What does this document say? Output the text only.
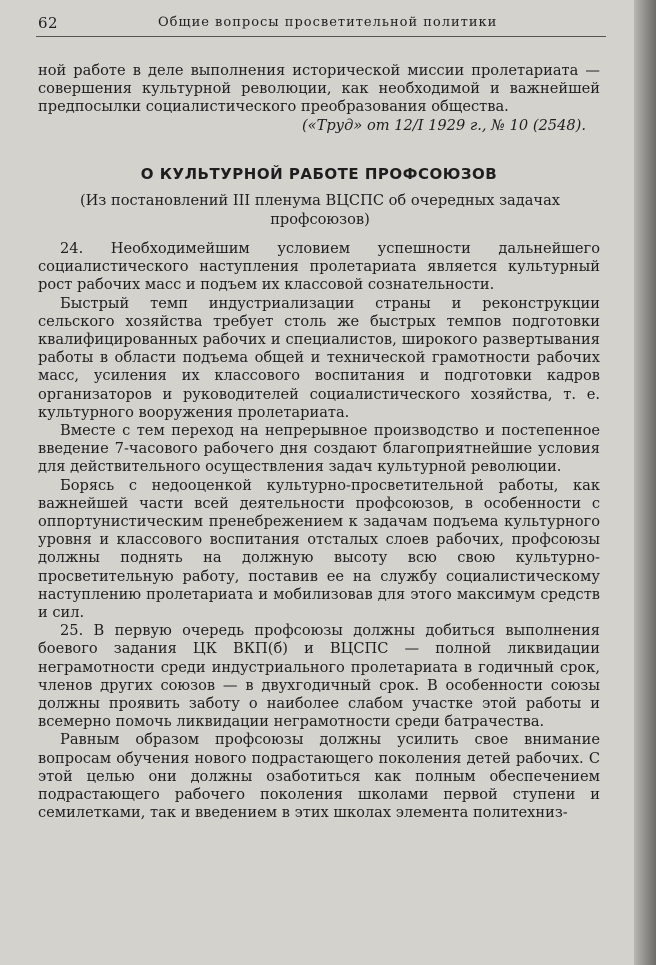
62	Общие вопросы просветительной политики

ной работе в деле выполнения исторической миссии пролетариата — совершения культурной революции, как необходимой и важнейшей предпосылки социалистического преобразования общества.

(«Труд» от 12/I 1929 г., № 10 (2548).
О КУЛЬТУРНОЙ РАБОТЕ ПРОФСОЮЗОВ
(Из постановлений III пленума ВЦСПС об очередных задачах профсоюзов)

24. Необходимейшим условием успешности дальнейшего социалистического наступления пролетариата является культурный рост рабочих масс и подъем их классовой сознательности.

Быстрый темп индустриализации страны и реконструкции сельского хозяйства требует столь же быстрых темпов подготовки квалифицированных рабочих и специалистов, широкого развертывания работы в области подъема общей и технической грамотности рабочих масс, усиления их классового воспитания и подготовки кадров организаторов и руководителей социалистического хозяйства, т. е. культурного вооружения пролетариата.

Вместе с тем переход на непрерывное производство и постепенное введение 7-часового рабочего дня создают благоприятнейшие условия для действительного осуществления задач культурной революции.

Борясь с недооценкой культурно-просветительной работы, как важнейшей части всей деятельности профсоюзов, в особенности с оппортунистическим пренебрежением к задачам подъема культурного уровня и классового воспитания отсталых слоев рабочих, профсоюзы должны поднять на должную высоту всю свою культурно-просветительную работу, поставив ее на службу социалистическому наступлению пролетариата и мобилизовав для этого максимум средств и сил.

25. В первую очередь профсоюзы должны добиться выполнения боевого задания ЦК ВКП(б) и ВЦСПС — полной ликвидации неграмотности среди индустриального пролетариата в годичный срок, членов других союзов — в двухгодичный срок. В особенности союзы должны проявить заботу о наиболее слабом участке этой работы и всемерно помочь ликвидации неграмотности среди батрачества.

Равным образом профсоюзы должны усилить свое внимание вопросам обучения нового подрастающего поколения детей рабочих. С этой целью они должны озаботиться как полным обеспечением подрастающего рабочего поколения школами первой ступени и семилетками, так и введением в этих школах элемента политехниз-
